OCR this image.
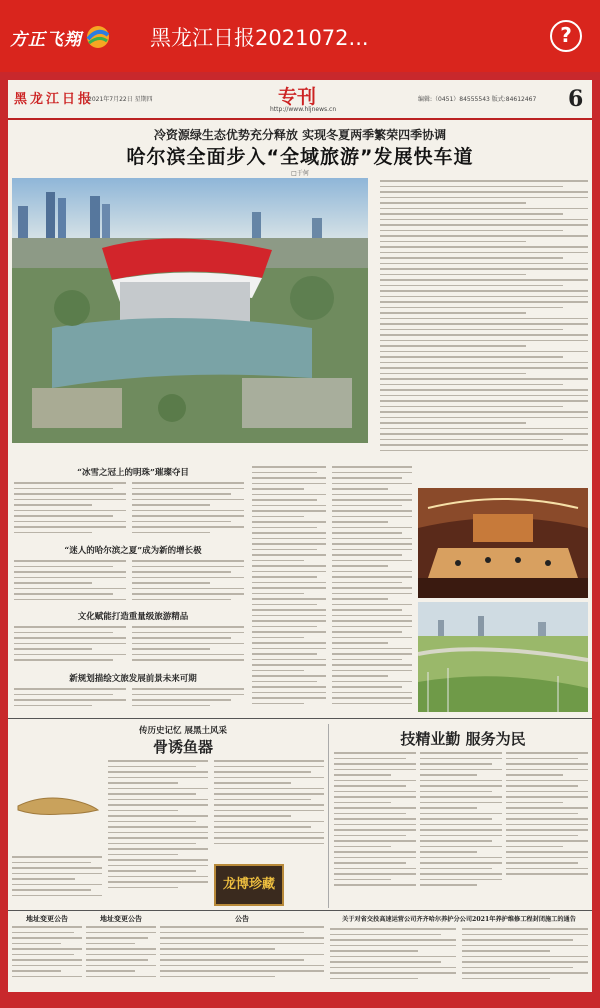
方正飞翔	黑龙江日报2021072...	?
黑龙江日报
2021年7月22日 星期四	专刊
http://www.hljnews.cn
编辑:（0451）84555543 版式:84612467 6
冷资源绿生态优势充分释放 实现冬夏两季繁荣四季协调
哈尔滨全面步入“全域旅游”发展快车道
□于何
“冰雪之冠上的明珠”璀璨夺目
“迷人的哈尔滨之夏”成为新的增长极
文化赋能打造重量级旅游精品
新规划描绘文旅发展前景未来可期
传历史记忆 展黑土风采
骨诱鱼器
龙博珍藏
技精业勤 服务为民
地址变更公告	地址变更公告	公告	关于对省交投高速运营公司齐齐哈尔养护分公司2021年养护维修工程封闭施工的通告
